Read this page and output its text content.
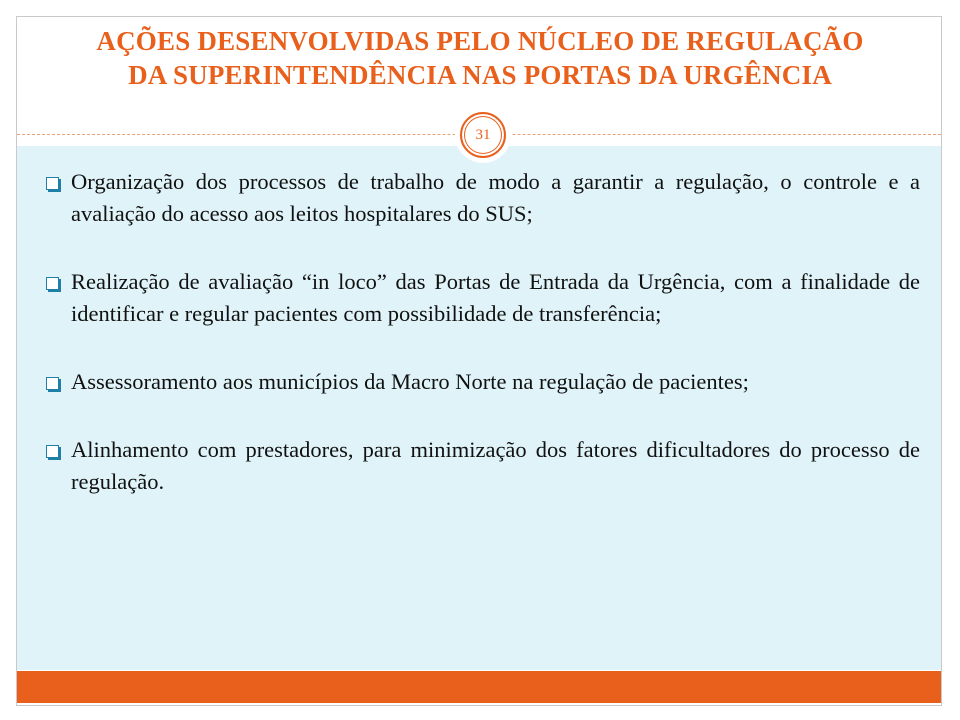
AÇÕES DESENVOLVIDAS PELO NÚCLEO DE REGULAÇÃO
DA SUPERINTENDÊNCIA NAS PORTAS DA URGÊNCIA
31
Organização dos processos de trabalho de modo a garantir a regulação, o controle e a avaliação do acesso aos leitos hospitalares do SUS;
Realização de avaliação “in loco” das Portas de Entrada da Urgência, com a finalidade de identificar e regular pacientes com possibilidade de transferência;
Assessoramento aos municípios da Macro Norte na regulação de pacientes;
Alinhamento com prestadores, para minimização dos fatores dificultadores do processo de regulação.
